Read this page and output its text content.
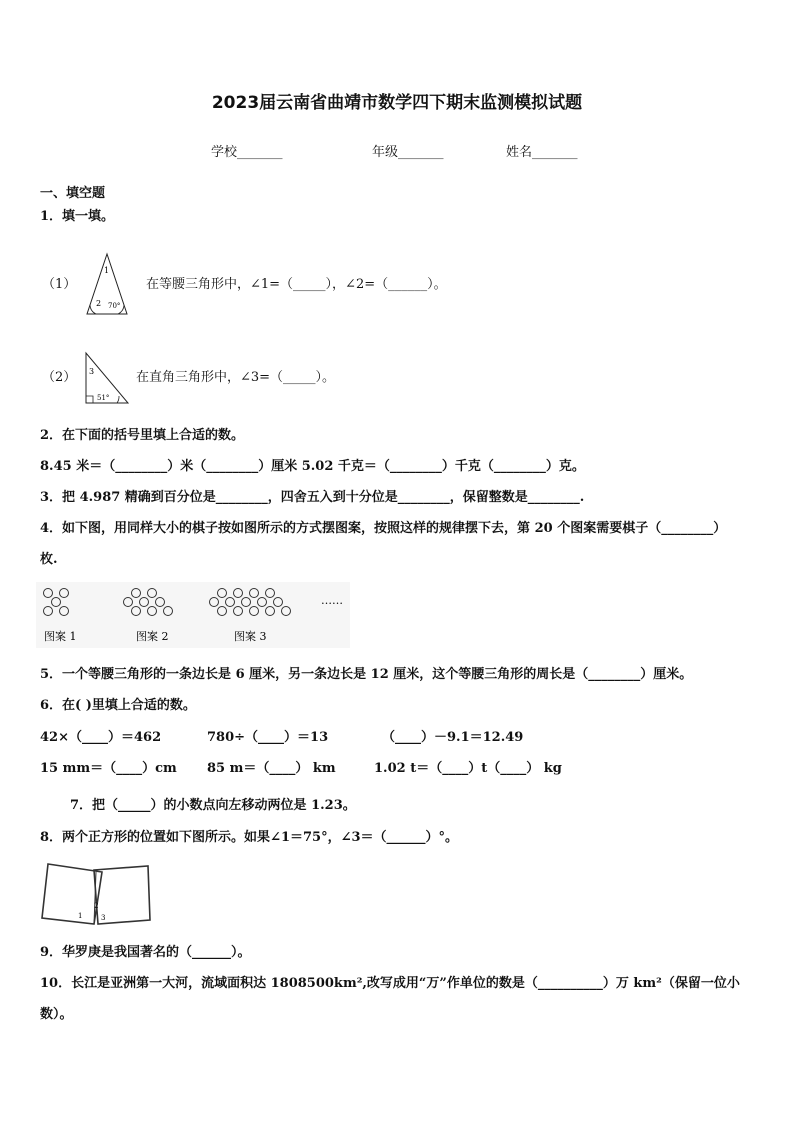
2023届云南省曲靖市数学四下期末监测模拟试题
学校_______	年级_______	姓名_______
一、填空题
1．填一填。
（1）
1
2 70°
在等腰三角形中，∠1=（_____），∠2=（______）。
（2） 3
51°
在直角三角形中，∠3=（_____）。
2．在下面的括号里填上合适的数。
8.45 米＝（________）米（________）厘米 5.02 千克＝（________）千克（________）克。
3．把 4.987 精确到百分位是________，四舍五入到十分位是________，保留整数是________.
4．如下图，用同样大小的棋子按如图所示的方式摆图案，按照这样的规律摆下去，第 20 个图案需要棋子（________）
枚.
图案 1	图案 2	图案 3
……
5．一个等腰三角形的一条边长是 6 厘米，另一条边长是 12 厘米，这个等腰三角形的周长是（________）厘米。
6．在( )里填上合适的数。
42×（____）＝462	780÷（____）＝13	（____）－9.1＝12.49
15 mm＝（____）cm 85 m＝（____） km	1.02 t＝（____）t（____） kg
7．把（_____）的小数点向左移动两位是 1.23。
8．两个正方形的位置如下图所示。如果∠1＝75°，∠3＝（______）°。
1
2
3
9．华罗庚是我国著名的（______）。
10．长江是亚洲第一大河，流域面积达 1808500km²,改写成用“万”作单位的数是（__________）万 km²（保留一位小
数）。
